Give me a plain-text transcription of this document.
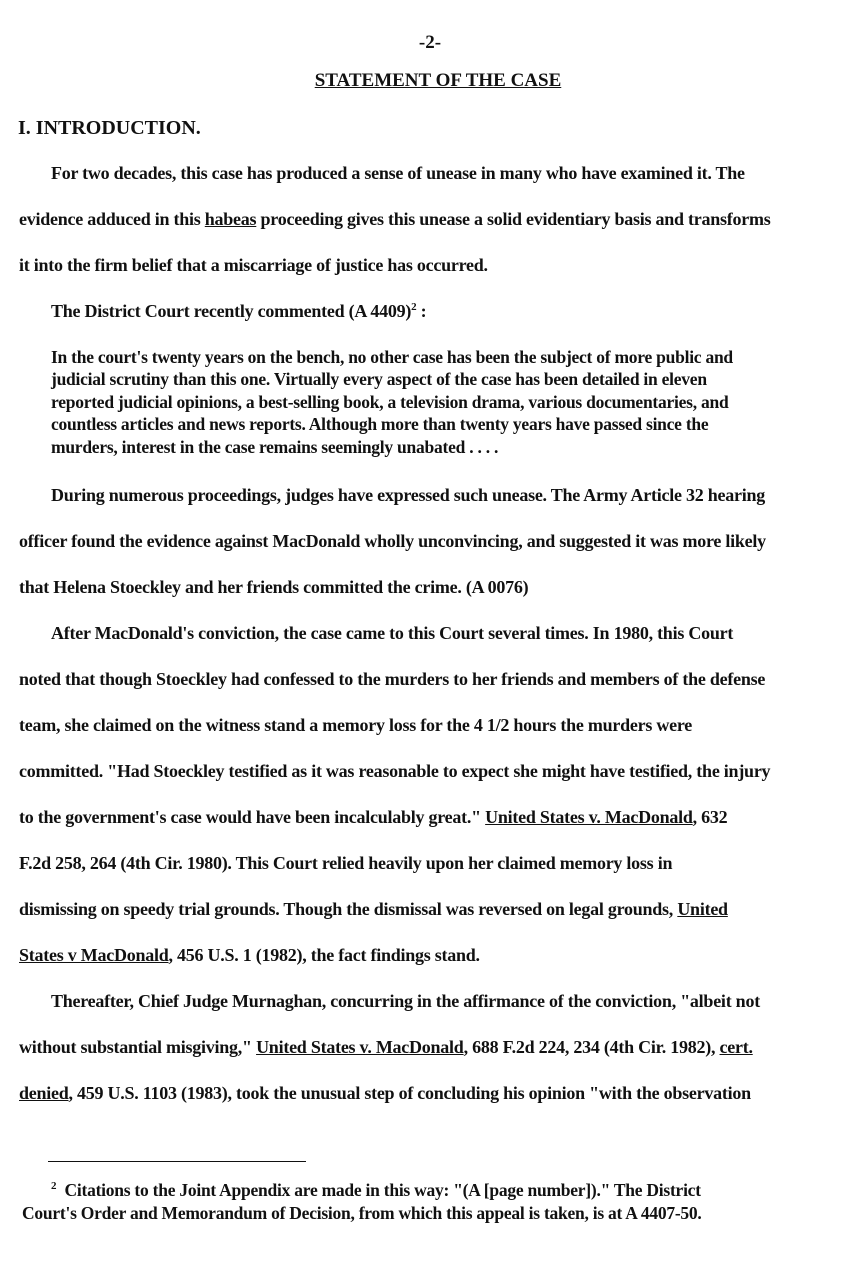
-2-
STATEMENT OF THE CASE
I. INTRODUCTION.
For two decades, this case has produced a sense of unease in many who have examined it. The
evidence adduced in this habeas proceeding gives this unease a solid evidentiary basis and transforms
it into the firm belief that a miscarriage of justice has occurred.
The District Court recently commented (A 4409)$^2$ :
In the court's twenty years on the bench, no other case has been the subject of more public and
judicial scrutiny than this one. Virtually every aspect of the case has been detailed in eleven
reported judicial opinions, a best-selling book, a television drama, various documentaries, and
countless articles and news reports. Although more than twenty years have passed since the
murders, interest in the case remains seemingly unabated . . . .
During numerous proceedings, judges have expressed such unease. The Army Article 32 hearing
officer found the evidence against MacDonald wholly unconvincing, and suggested it was more likely
that Helena Stoeckley and her friends committed the crime. (A 0076)
After MacDonald's conviction, the case came to this Court several times. In 1980, this Court
noted that though Stoeckley had confessed to the murders to her friends and members of the defense
team, she claimed on the witness stand a memory loss for the 4 1/2 hours the murders were
committed. "Had Stoeckley testified as it was reasonable to expect she might have testified, the injury
to the government's case would have been incalculably great." United States v. MacDonald, 632
F.2d 258, 264 (4th Cir. 1980). This Court relied heavily upon her claimed memory loss in
dismissing on speedy trial grounds. Though the dismissal was reversed on legal grounds, United
States v MacDonald, 456 U.S. 1 (1982), the fact findings stand.
Thereafter, Chief Judge Murnaghan, concurring in the affirmance of the conviction, "albeit not
without substantial misgiving," United States v. MacDonald, 688 F.2d 224, 234 (4th Cir. 1982), cert.
denied, 459 U.S. 1103 (1983), took the unusual step of concluding his opinion "with the observation
$^2$ Citations to the Joint Appendix are made in this way: "(A [page number])." The District
Court's Order and Memorandum of Decision, from which this appeal is taken, is at A 4407-50.
